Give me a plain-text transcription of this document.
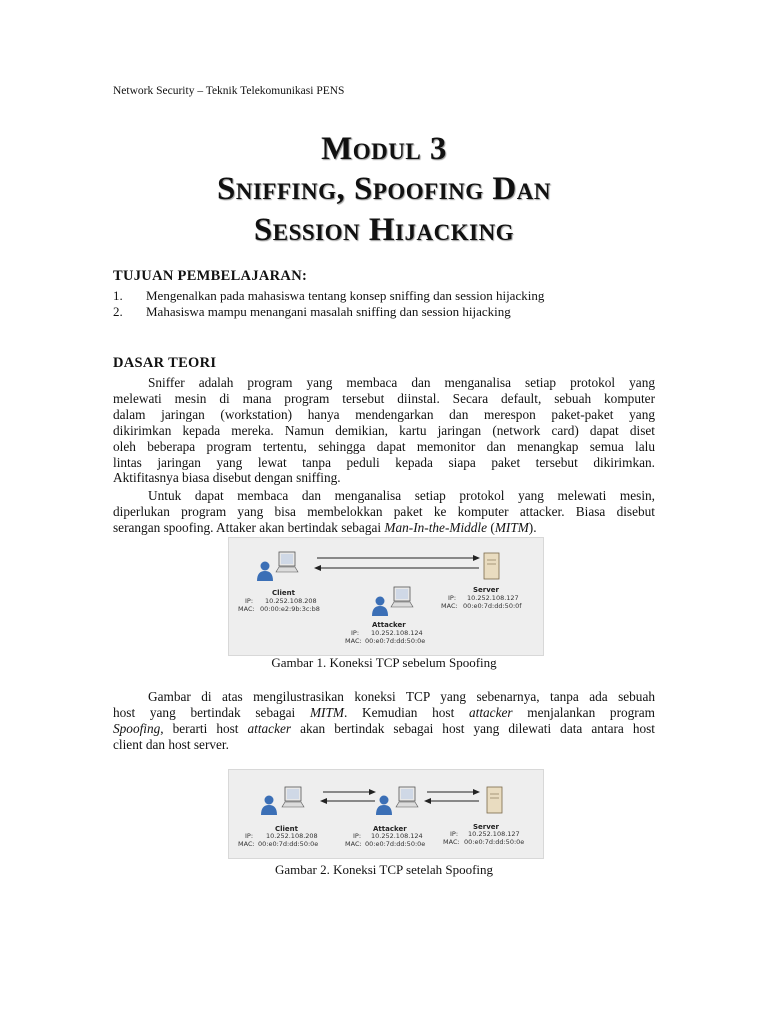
Network Security – Teknik Telekomunikasi PENS
Modul 3
Sniffing, Spoofing Dan
Session Hijacking
TUJUAN PEMBELAJARAN:
1.	Mengenalkan pada mahasiswa tentang konsep sniffing dan session hijacking
2.	Mahasiswa mampu menangani masalah sniffing dan session hijacking
DASAR TEORI
Sniffer adalah program yang membaca dan menganalisa setiap protokol yang
melewati mesin di mana program tersebut diinstal. Secara default, sebuah komputer
dalam jaringan (workstation) hanya mendengarkan dan merespon paket-paket yang
dikirimkan kepada mereka. Namun demikian, kartu jaringan (network card) dapat diset
oleh beberapa program tertentu, sehingga dapat memonitor dan menangkap semua lalu
lintas jaringan yang lewat tanpa peduli kepada siapa paket tersebut dikirimkan.
Aktifitasnya biasa disebut dengan sniffing.
Untuk dapat membaca dan menganalisa setiap protokol yang melewati mesin,
diperlukan program yang bisa membelokkan paket ke komputer attacker. Biasa disebut
serangan spoofing. Attaker akan bertindak sebagai Man-In-the-Middle (MITM).
Client
IP: 10.252.108.208
MAC: 00:00:e2:9b:3c:b8
Server
IP: 10.252.108.127
MAC: 00:e0:7d:dd:50:0f
Attacker
IP: 10.252.108.124
MAC: 00:e0:7d:dd:50:0e
Gambar 1. Koneksi TCP sebelum Spoofing
Gambar di atas mengilustrasikan koneksi TCP yang sebenarnya, tanpa ada sebuah
host yang bertindak sebagai MITM. Kemudian host attacker menjalankan program
Spoofing, berarti host attacker akan bertindak sebagai host yang dilewati data antara host
client dan host server.
Client
IP: 10.252.108.208
MAC: 00:e0:7d:dd:50:0e
Attacker
IP: 10.252.108.124
MAC: 00:e0:7d:dd:50:0e
Server
IP: 10.252.108.127
MAC: 00:e0:7d:dd:50:0e
Gambar 2. Koneksi TCP setelah Spoofing
